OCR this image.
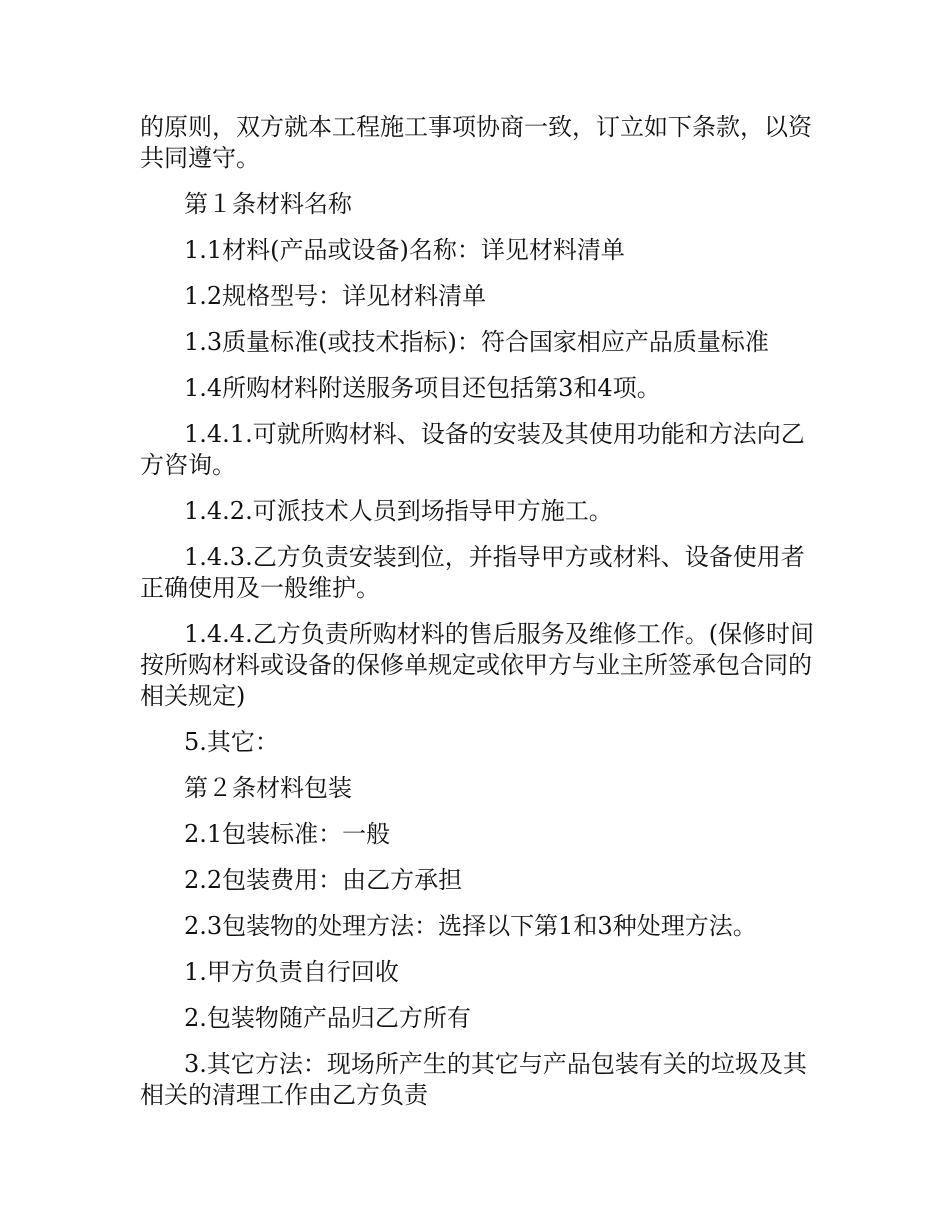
的原则，双方就本工程施工事项协商一致，订立如下条款，以资共同遵守。

第１条材料名称

1.1材料(产品或设备)名称：详见材料清单

1.2规格型号：详见材料清单

1.3质量标准(或技术指标)：符合国家相应产品质量标准

1.4所购材料附送服务项目还包括第3和4项。

1.4.1.可就所购材料、设备的安装及其使用功能和方法向乙方咨询。

1.4.2.可派技术人员到场指导甲方施工。

1.4.3.乙方负责安装到位，并指导甲方或材料、设备使用者正确使用及一般维护。

1.4.4.乙方负责所购材料的售后服务及维修工作。(保修时间按所购材料或设备的保修单规定或依甲方与业主所签承包合同的相关规定)

5.其它：

第２条材料包装

2.1包装标准：一般

2.2包装费用：由乙方承担

2.3包装物的处理方法：选择以下第1和3种处理方法。

1.甲方负责自行回收

2.包装物随产品归乙方所有

3.其它方法：现场所产生的其它与产品包装有关的垃圾及其相关的清理工作由乙方负责
